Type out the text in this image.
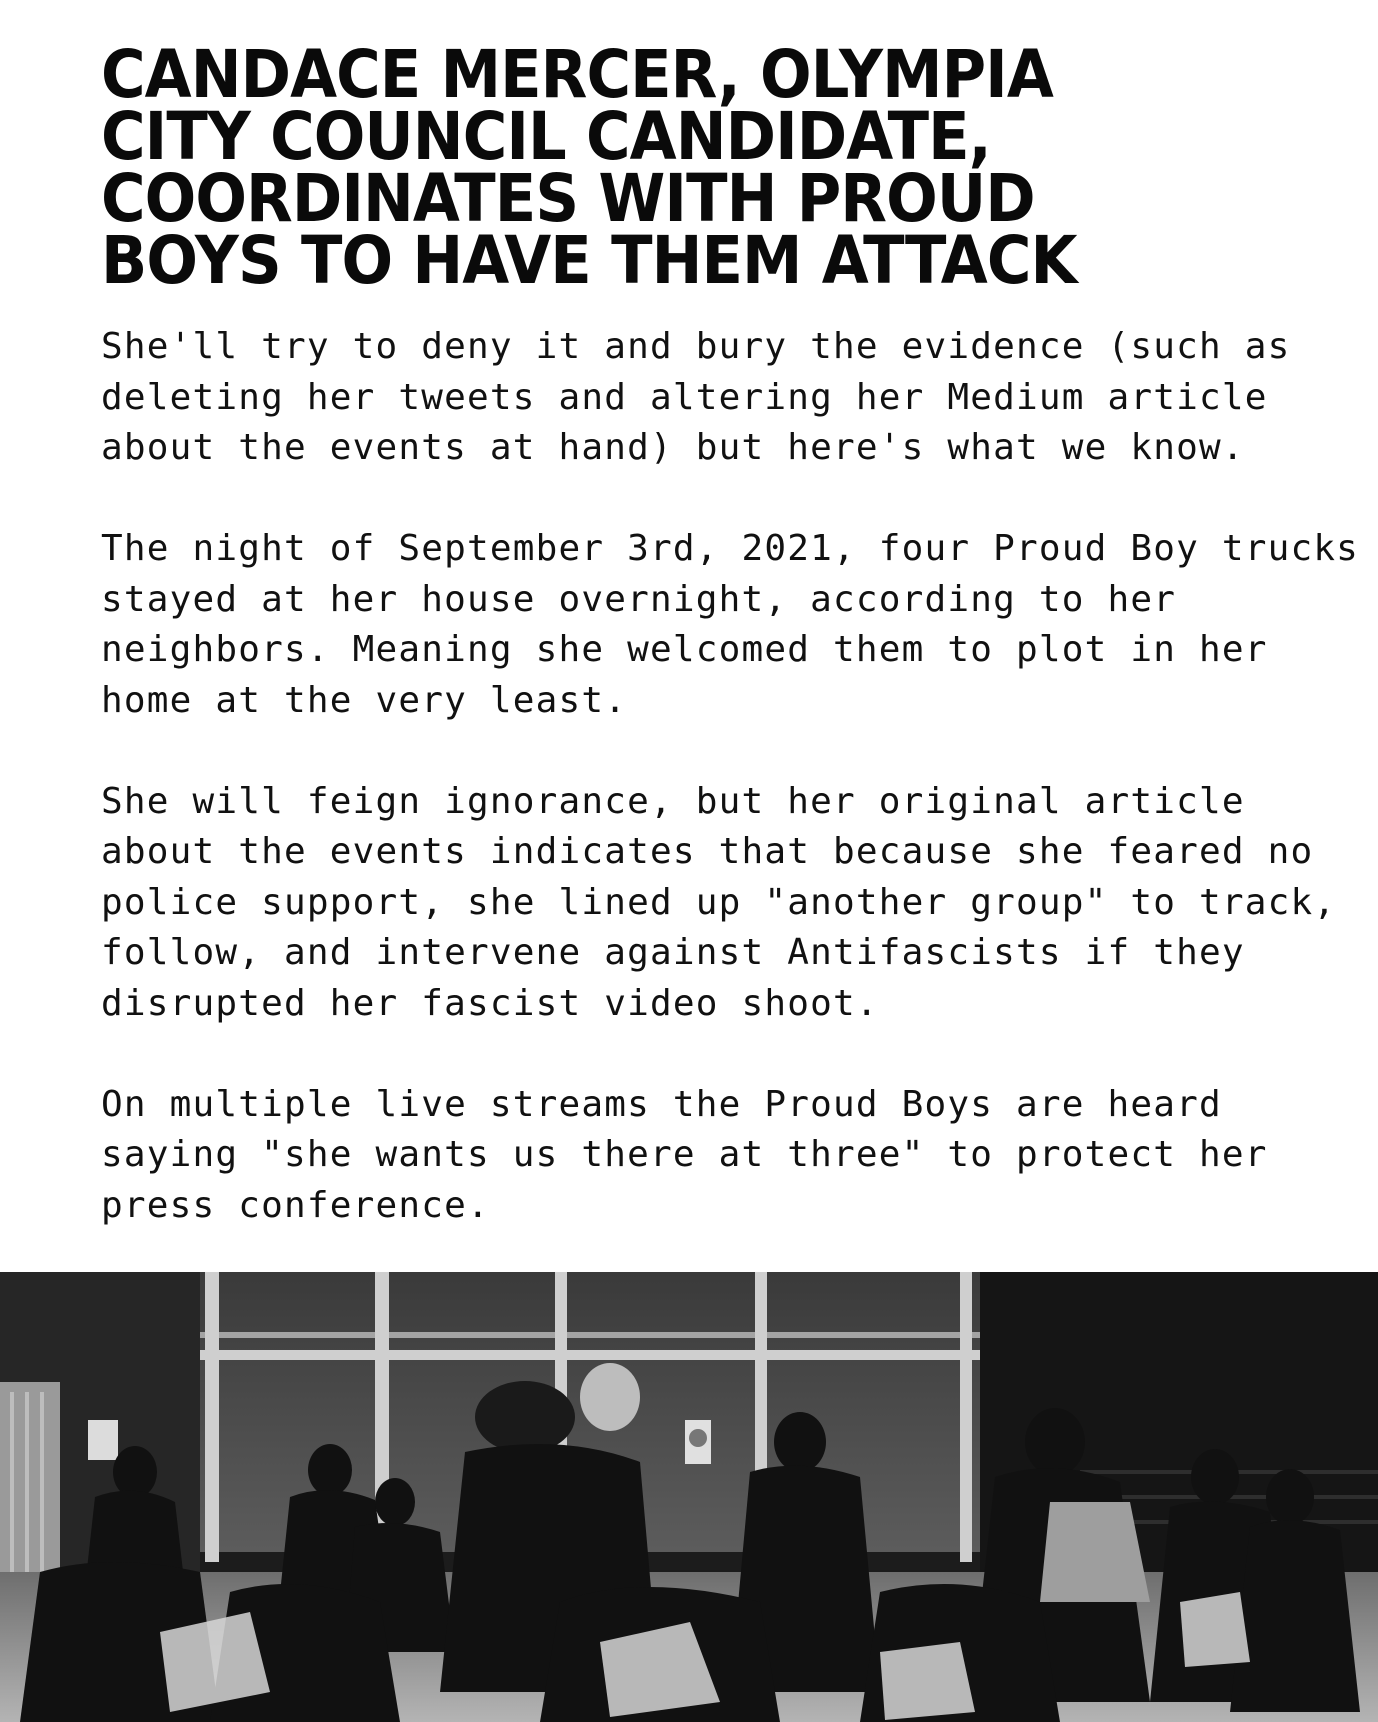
CANDACE MERCER, OLYMPIA
CITY COUNCIL CANDIDATE,
COORDINATES WITH PROUD
BOYS TO HAVE THEM ATTACK

She'll try to deny it and bury the evidence (such as
deleting her tweets and altering her Medium article
about the events at hand) but here's what we know.

The night of September 3rd, 2021, four Proud Boy trucks
stayed at her house overnight, according to her
neighbors. Meaning she welcomed them to plot in her
home at the very least.

She will feign ignorance, but her original article
about the events indicates that because she feared no
police support, she lined up "another group" to track,
follow, and intervene against Antifascists if they
disrupted her fascist video shoot.

On multiple live streams the Proud Boys are heard
saying "she wants us there at three" to protect her
press conference.
